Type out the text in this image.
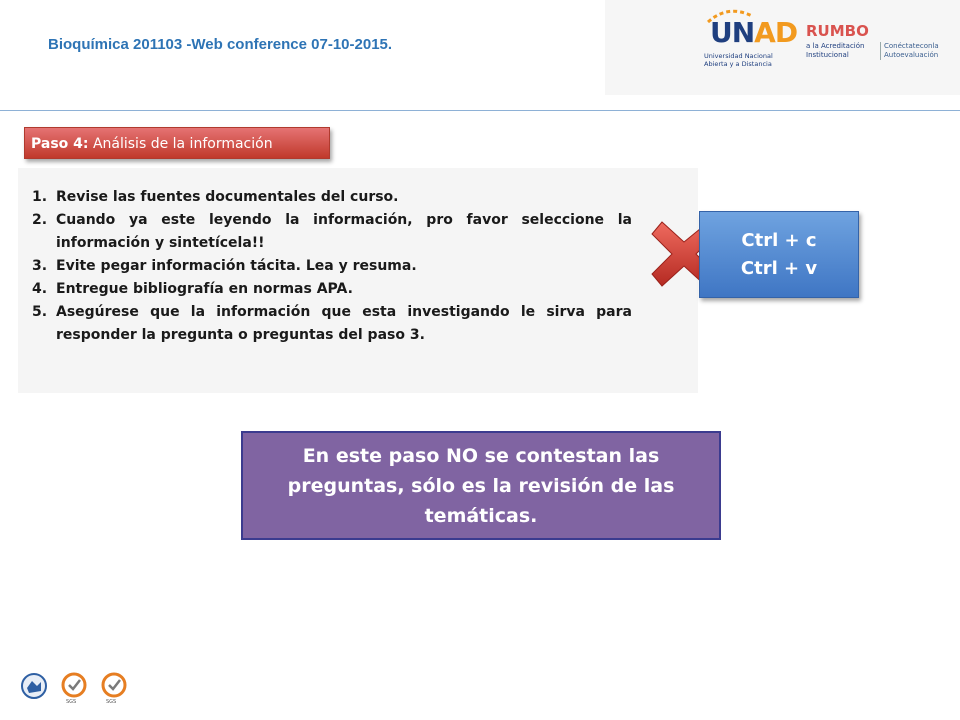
Bioquímica 201103 -Web conference 07-10-2015.	UNAD
Universidad Nacional
Abierta y a Distancia
RUMBO
a la Acreditación
Institucional
Conéctateconla
Autoevaluación
Paso 4: Análisis de la información
1. Revise las fuentes documentales del curso.
2. Cuando ya este leyendo la información, pro favor seleccione la información y sintetícela!!
3. Evite pegar información tácita. Lea y resuma.
4. Entregue bibliografía en normas APA.
5. Asegúrese que la información que esta investigando le sirva para responder la pregunta o preguntas del paso 3.
Ctrl + c
Ctrl + v
En este paso NO se contestan las preguntas, sólo es la revisión de las temáticas.
SGS	SGS
